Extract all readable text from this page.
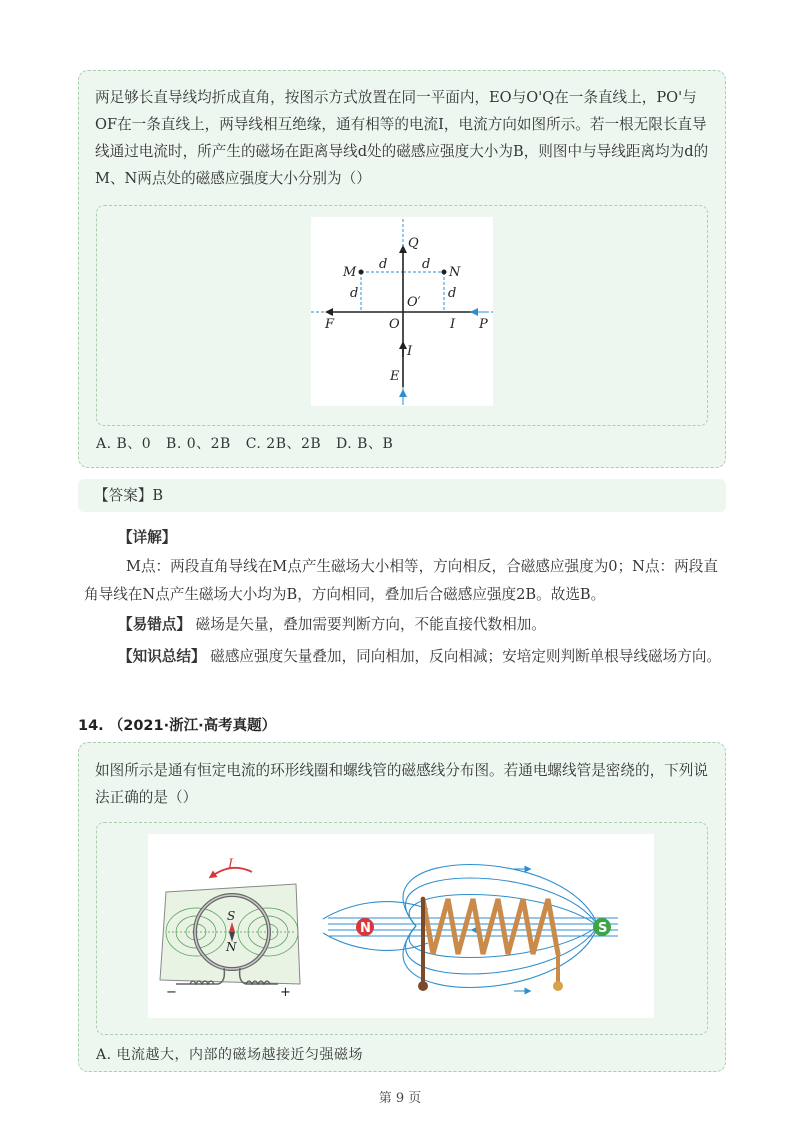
两足够长直导线均折成直角，按图示方式放置在同一平面内，EO与O'Q在一条直线上，PO'与OF在一条直线上，两导线相互绝缘，通有相等的电流I，电流方向如图所示。若一根无限长直导线通过电流时，所产生的磁场在距离导线d处的磁感应强度大小为B，则图中与导线距离均为d的M、N两点处的磁感应强度大小分别为（）

Q
M	N
d	d
d	d
O′
F	O	I P
I
E
A. B、0   B. 0、2B   C. 2B、2B   D. B、B
【答案】B
【详解】
M点：两段直角导线在M点产生磁场大小相等，方向相反，合磁感应强度为0；N点：两段直角导线在N点产生磁场大小均为B，方向相同，叠加后合磁感应强度2B。故选B。
【易错点】 磁场是矢量，叠加需要判断方向，不能直接代数相加。
【知识总结】 磁感应强度矢量叠加，同向相加，反向相减；安培定则判断单根导线磁场方向。
14. （2021·浙江·高考真题）

如图所示是通有恒定电流的环形线圈和螺线管的磁感线分布图。若通电螺线管是密绕的，下列说法正确的是（）

I
S
N
−	+
N	S
A. 电流越大，内部的磁场越接近匀强磁场
第 9 页
